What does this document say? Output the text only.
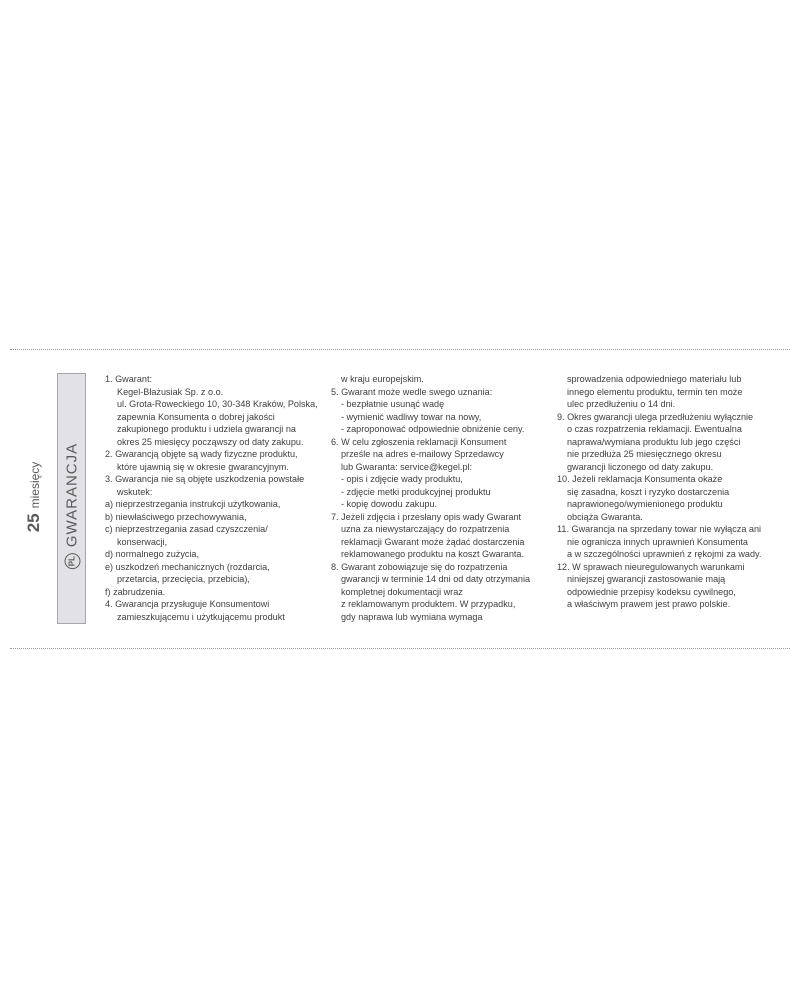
25
miesięcy
PL
GWARANCJA
1. Gwarant:
Kegel-Błażusiak Sp. z o.o.
ul. Grota-Roweckiego 10, 30-348 Kraków, Polska,
zapewnia Konsumenta o dobrej jakości
zakupionego produktu i udziela gwarancji na
okres 25 miesięcy począwszy od daty zakupu.
2. Gwarancją objęte są wady fizyczne produktu,
które ujawnią się w okresie gwarancyjnym.
3. Gwarancja nie są objęte uszkodzenia powstałe
wskutek:
a) nieprzestrzegania instrukcji użytkowania,
b) niewłaściwego przechowywania,
c) nieprzestrzegania zasad czyszczenia/
konserwacji,
d) normalnego zużycia,
e) uszkodzeń mechanicznych (rozdarcia,
przetarcia, przecięcia, przebicia),
f) zabrudzenia.
4. Gwarancja przysługuje Konsumentowi
zamieszkującemu i użytkującemu produkt
w kraju europejskim.
5. Gwarant może wedle swego uznania:
- bezpłatnie usunąć wadę
- wymienić wadliwy towar na nowy,
- zaproponować odpowiednie obniżenie ceny.
6. W celu zgłoszenia reklamacji Konsument
prześle na adres e-mailowy Sprzedawcy
lub Gwaranta: service@kegel.pl:
- opis i zdjęcie wady produktu,
- zdjęcie metki produkcyjnej produktu
- kopię dowodu zakupu.
7. Jeżeli zdjęcia i przesłany opis wady Gwarant
uzna za niewystarczający do rozpatrzenia
reklamacji Gwarant może żądać dostarczenia
reklamowanego produktu na koszt Gwaranta.
8. Gwarant zobowiązuje się do rozpatrzenia
gwarancji w terminie 14 dni od daty otrzymania
kompletnej dokumentacji wraz
z reklamowanym produktem. W przypadku,
gdy naprawa lub wymiana wymaga
sprowadzenia odpowiedniego materiału lub
innego elementu produktu, termin ten może
ulec przedłużeniu o 14 dni.
9. Okres gwarancji ulega przedłużeniu wyłącznie
o czas rozpatrzenia reklamacji. Ewentualna
naprawa/wymiana produktu lub jego części
nie przedłuża 25 miesięcznego okresu
gwarancji liczonego od daty zakupu.
10. Jeżeli reklamacja Konsumenta okaże
się zasadna, koszt i ryzyko dostarczenia
naprawionego/wymienionego produktu
obciąża Gwaranta.
11. Gwarancja na sprzedany towar nie wyłącza ani
nie ogranicza innych uprawnień Konsumenta
a w szczególności uprawnień z rękojmi za wady.
12. W sprawach nieuregulowanych warunkami
niniejszej gwarancji zastosowanie mają
odpowiednie przepisy kodeksu cywilnego,
a właściwym prawem jest prawo polskie.
